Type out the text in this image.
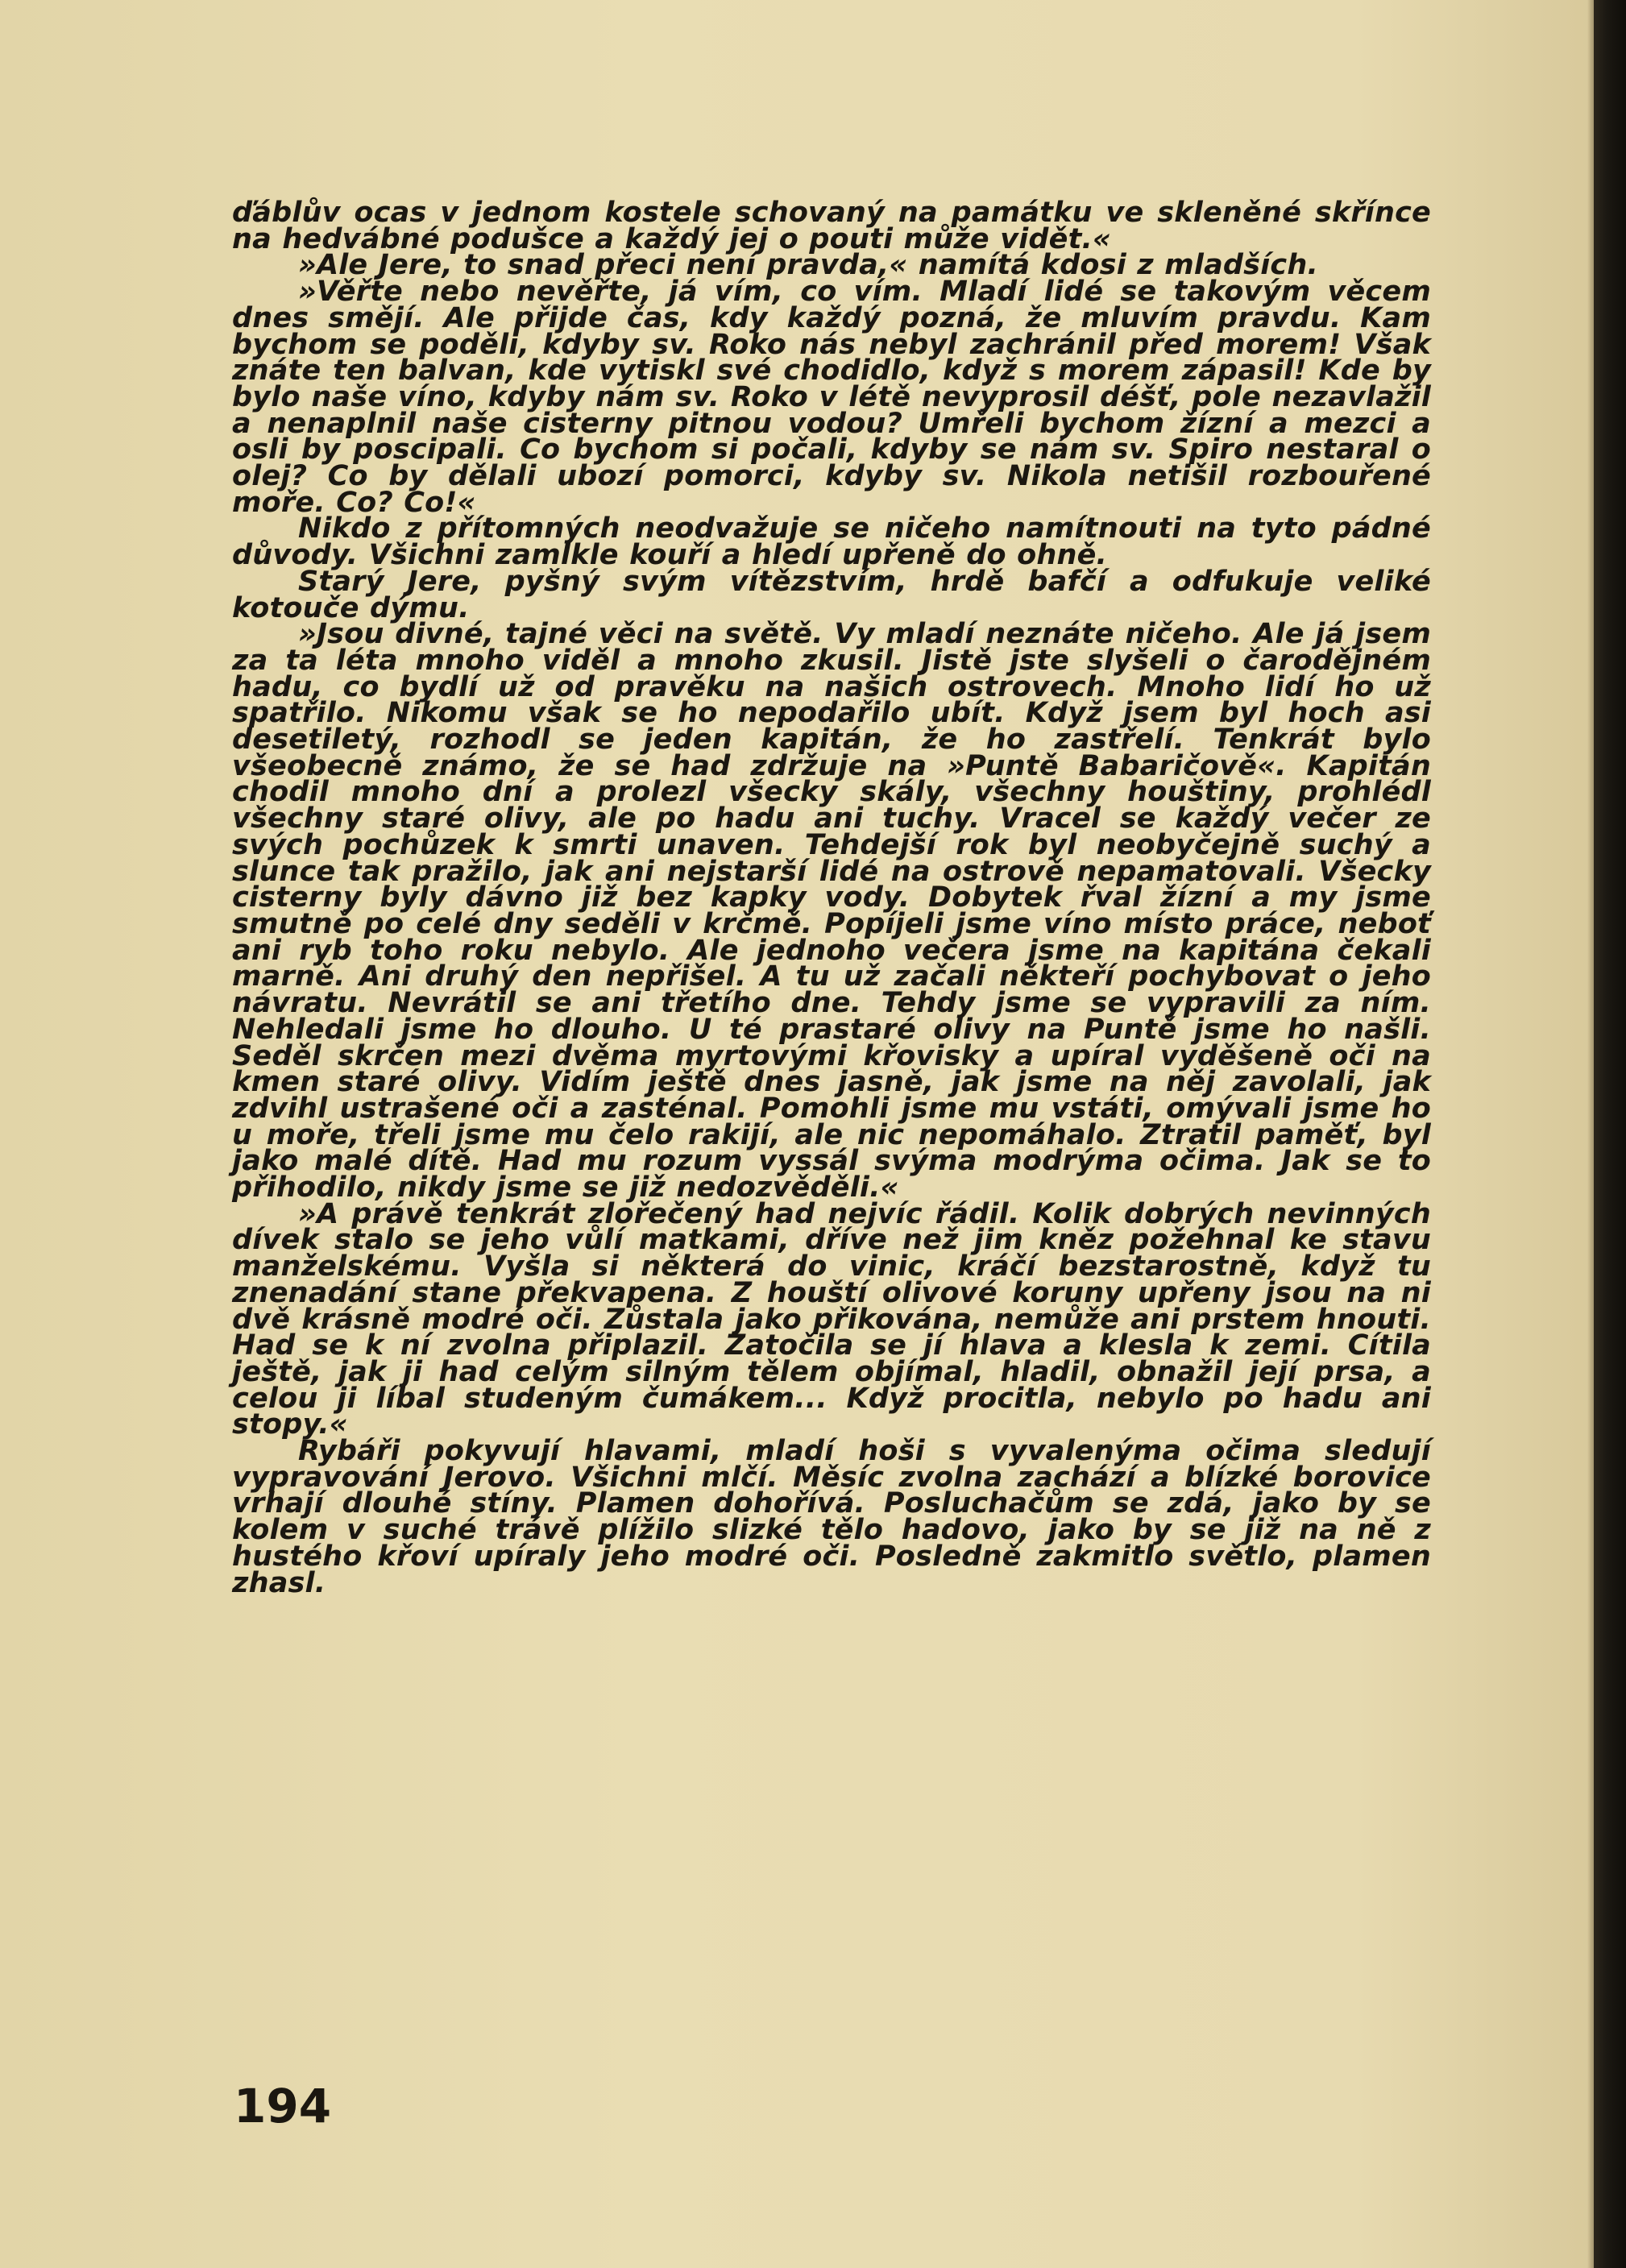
ďáblův ocas v jednom kostele schovaný na památku ve skleněné skřínce na hedvábné podušce a každý jej o pouti může vidět.«

»Ale Jere, to snad přeci není pravda,« namítá kdosi z mladších.

»Věřte nebo nevěřte, já vím, co vím. Mladí lidé se takovým věcem dnes smějí. Ale přijde čas, kdy každý pozná, že mluvím pravdu. Kam bychom se poděli, kdyby sv. Roko nás nebyl zachránil před morem! Však znáte ten balvan, kde vytiskl své chodidlo, když s morem zápasil! Kde by bylo naše víno, kdyby nám sv. Roko v létě nevyprosil déšť, pole nezavlažil a nenaplnil naše cisterny pitnou vodou? Umřeli bychom žízní a mezci a osli by poscipali. Co bychom si počali, kdyby se nám sv. Spiro nestaral o olej? Co by dělali ubozí pomorci, kdyby sv. Nikola netišil rozbouřené moře. Co? Co!«

Nikdo z přítomných neodvažuje se ničeho namítnouti na tyto pádné důvody. Všichni zamlkle kouří a hledí upřeně do ohně.

Starý Jere, pyšný svým vítězstvím, hrdě bafčí a odfukuje veliké kotouče dýmu.

»Jsou divné, tajné věci na světě. Vy mladí neznáte ničeho. Ale já jsem za ta léta mnoho viděl a mnoho zkusil. Jistě jste slyšeli o čarodějném hadu, co bydlí už od pravěku na našich ostrovech. Mnoho lidí ho už spatřilo. Nikomu však se ho nepodařilo ubít. Když jsem byl hoch asi desetiletý, rozhodl se jeden kapitán, že ho zastřelí. Tenkrát bylo všeobecně známo, že se had zdržuje na »Puntě Babaričově«. Kapitán chodil mnoho dní a prolezl všecky skály, všechny houštiny, prohlédl všechny staré olivy, ale po hadu ani tuchy. Vracel se každý večer ze svých pochůzek k smrti unaven. Tehdejší rok byl neobyčejně suchý a slunce tak pražilo, jak ani nejstarší lidé na ostrově nepamatovali. Všecky cisterny byly dávno již bez kapky vody. Dobytek řval žízní a my jsme smutně po celé dny seděli v krčmě. Popíjeli jsme víno místo práce, neboť ani ryb toho roku nebylo. Ale jednoho večera jsme na kapitána čekali marně. Ani druhý den nepřišel. A tu už začali někteří pochybovat o jeho návratu. Nevrátil se ani třetího dne. Tehdy jsme se vypravili za ním. Nehledali jsme ho dlouho. U té prastaré olivy na Puntě jsme ho našli. Seděl skrčen mezi dvěma myrtovými křovisky a upíral vyděšeně oči na kmen staré olivy. Vidím ještě dnes jasně, jak jsme na něj zavolali, jak zdvihl ustrašené oči a zasténal. Pomohli jsme mu vstáti, omývali jsme ho u moře, třeli jsme mu čelo rakijí, ale nic nepomáhalo. Ztratil paměť, byl jako malé dítě. Had mu rozum vyssál svýma modrýma očima. Jak se to přihodilo, nikdy jsme se již nedozvěděli.«

»A právě tenkrát zlořečený had nejvíc řádil. Kolik dobrých nevinných dívek stalo se jeho vůlí matkami, dříve než jim kněz požehnal ke stavu manželskému. Vyšla si některá do vinic, kráčí bezstarostně, když tu znenadání stane překvapena. Z houští olivové koruny upřeny jsou na ni dvě krásně modré oči. Zůstala jako přikována, nemůže ani prstem hnouti. Had se k ní zvolna připlazil. Zatočila se jí hlava a klesla k zemi. Cítila ještě, jak ji had celým silným tělem objímal, hladil, obnažil její prsa, a celou ji líbal studeným čumákem... Když procitla, nebylo po hadu ani stopy.«

Rybáři pokyvují hlavami, mladí hoši s vyvalenýma očima sledují vypravování Jerovo. Všichni mlčí. Měsíc zvolna zachází a blízké borovice vrhají dlouhé stíny. Plamen dohořívá. Posluchačům se zdá, jako by se kolem v suché trávě plížilo slizké tělo hadovo, jako by se již na ně z hustého křoví upíraly jeho modré oči. Posledně zakmitlo světlo, plamen zhasl.

194
